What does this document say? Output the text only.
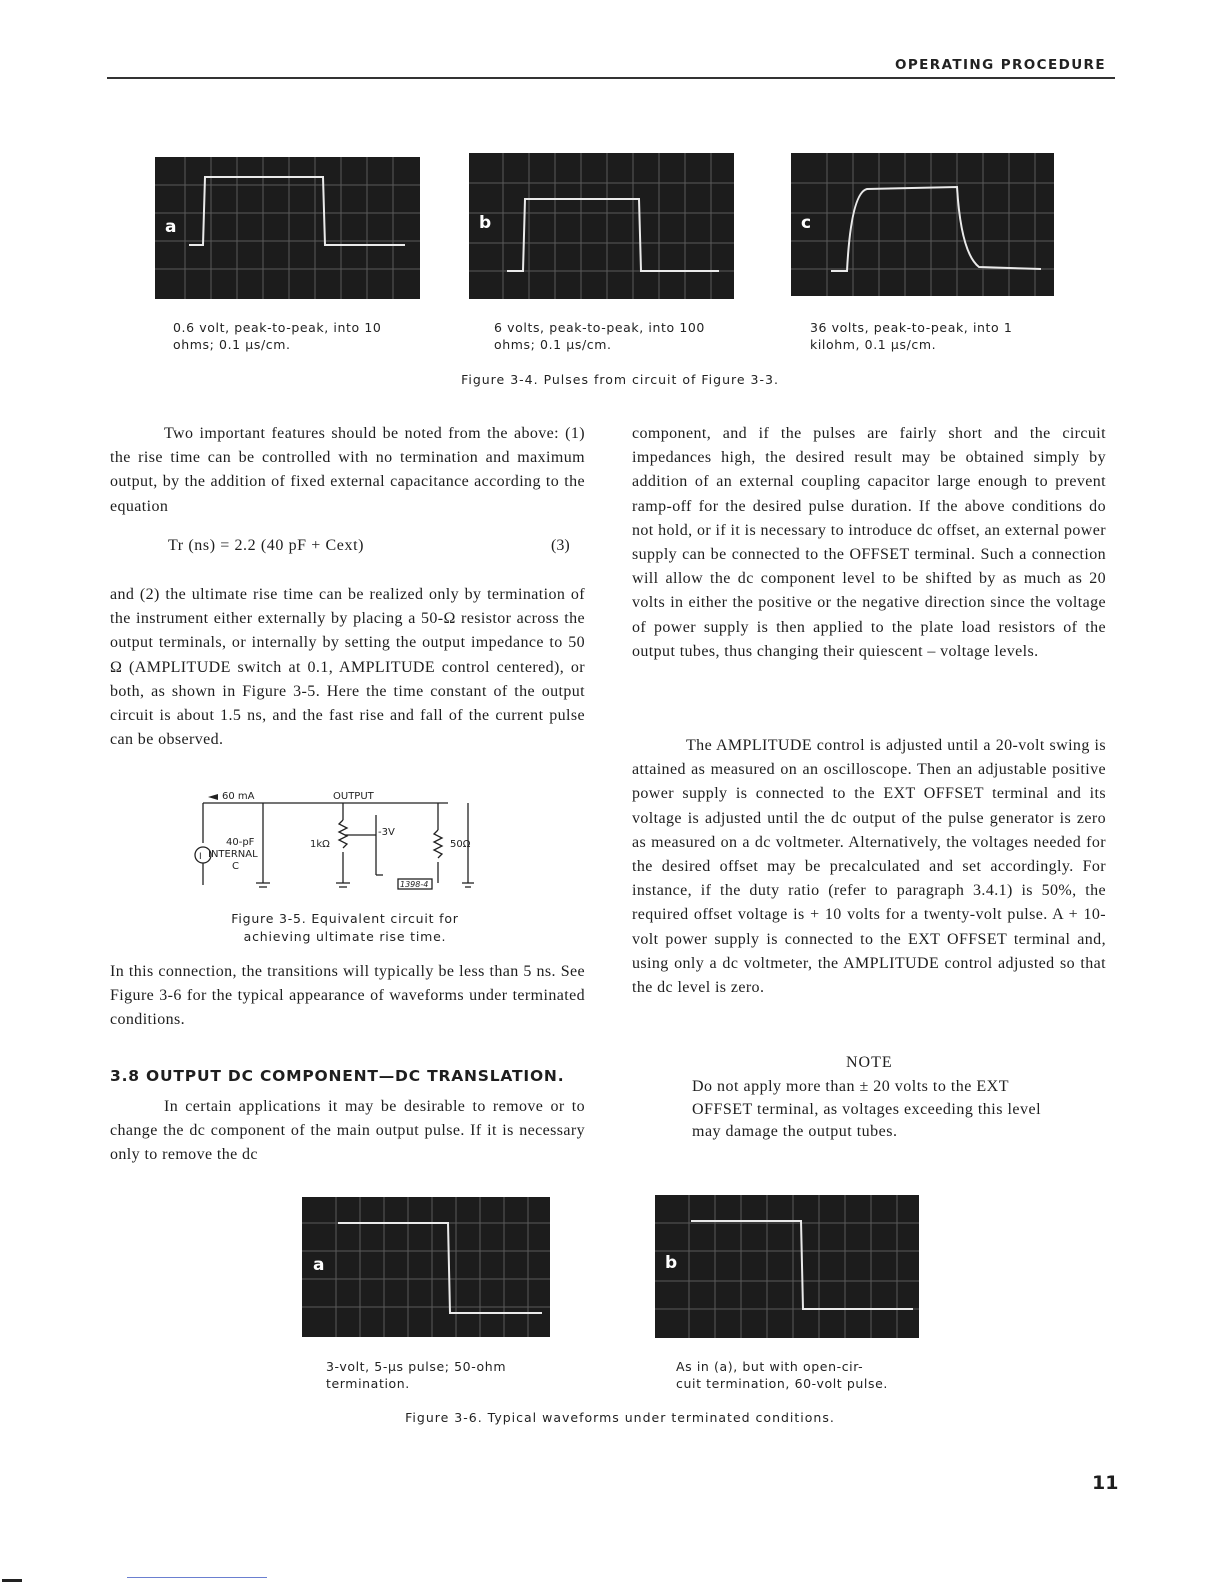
OPERATING PROCEDURE
a	b	c
0.6 volt, peak-to-peak, into 10
ohms; 0.1 µs/cm.
6 volts, peak-to-peak, into 100
ohms; 0.1 µs/cm.
36 volts, peak-to-peak, into 1
kilohm, 0.1 µs/cm.
Figure 3-4. Pulses from circuit of Figure 3-3.

Two important features should be noted from the above: (1) the rise time can be controlled with no termination and maximum output, by the addition of fixed external capacitance according to the equation

Tr (ns) = 2.2 (40 pF + Cext)	(3)

and (2) the ultimate rise time can be realized only by termination of the instrument either externally by placing a 50-Ω resistor across the output terminals, or internally by setting the output impedance to 50 Ω (AMPLITUDE switch at 0.1, AMPLITUDE control centered), or both, as shown in Figure 3-5. Here the time constant of the output circuit is about 1.5 ns, and the fast rise and fall of the current pulse can be observed.

60 mA	OUTPUT
40-pF
INTERNAL
C
1kΩ
-3V
50Ω
I
1398-4
Figure 3-5. Equivalent circuit for
achieving ultimate rise time.

In this connection, the transitions will typically be less than 5 ns. See Figure 3-6 for the typical appearance of waveforms under terminated conditions.

3.8 OUTPUT DC COMPONENT—DC TRANSLATION.

In certain applications it may be desirable to remove or to change the dc component of the main output pulse. If it is necessary only to remove the dc

component, and if the pulses are fairly short and the circuit impedances high, the desired result may be obtained simply by addition of an external coupling capacitor large enough to prevent ramp-off for the desired pulse duration. If the above conditions do not hold, or if it is necessary to introduce dc offset, an external power supply can be connected to the OFFSET terminal. Such a connection will allow the dc component level to be shifted by as much as 20 volts in either the positive or the negative direction since the voltage of power supply is then applied to the plate load resistors of the output tubes, thus changing their quiescent – voltage levels.

The AMPLITUDE control is adjusted until a 20-volt swing is attained as measured on an oscilloscope. Then an adjustable positive power supply is connected to the EXT OFFSET terminal and its voltage is adjusted until the dc output of the pulse generator is zero as measured on a dc voltmeter. Alternatively, the voltages needed for the desired offset may be precalculated and set accordingly. For instance, if the duty ratio (refer to paragraph 3.4.1) is 50%, the required offset voltage is + 10 volts for a twenty-volt pulse. A + 10-volt power supply is connected to the EXT OFFSET terminal and, using only a dc voltmeter, the AMPLITUDE control adjusted so that the dc level is zero.

NOTE
Do not apply more than ± 20 volts to the EXT OFFSET terminal, as voltages exceeding this level may damage the output tubes.
a	b
3-volt, 5-µs pulse; 50-ohm
termination.
As in (a), but with open-cir-
cuit termination, 60-volt pulse.
Figure 3-6. Typical waveforms under terminated conditions.
11
